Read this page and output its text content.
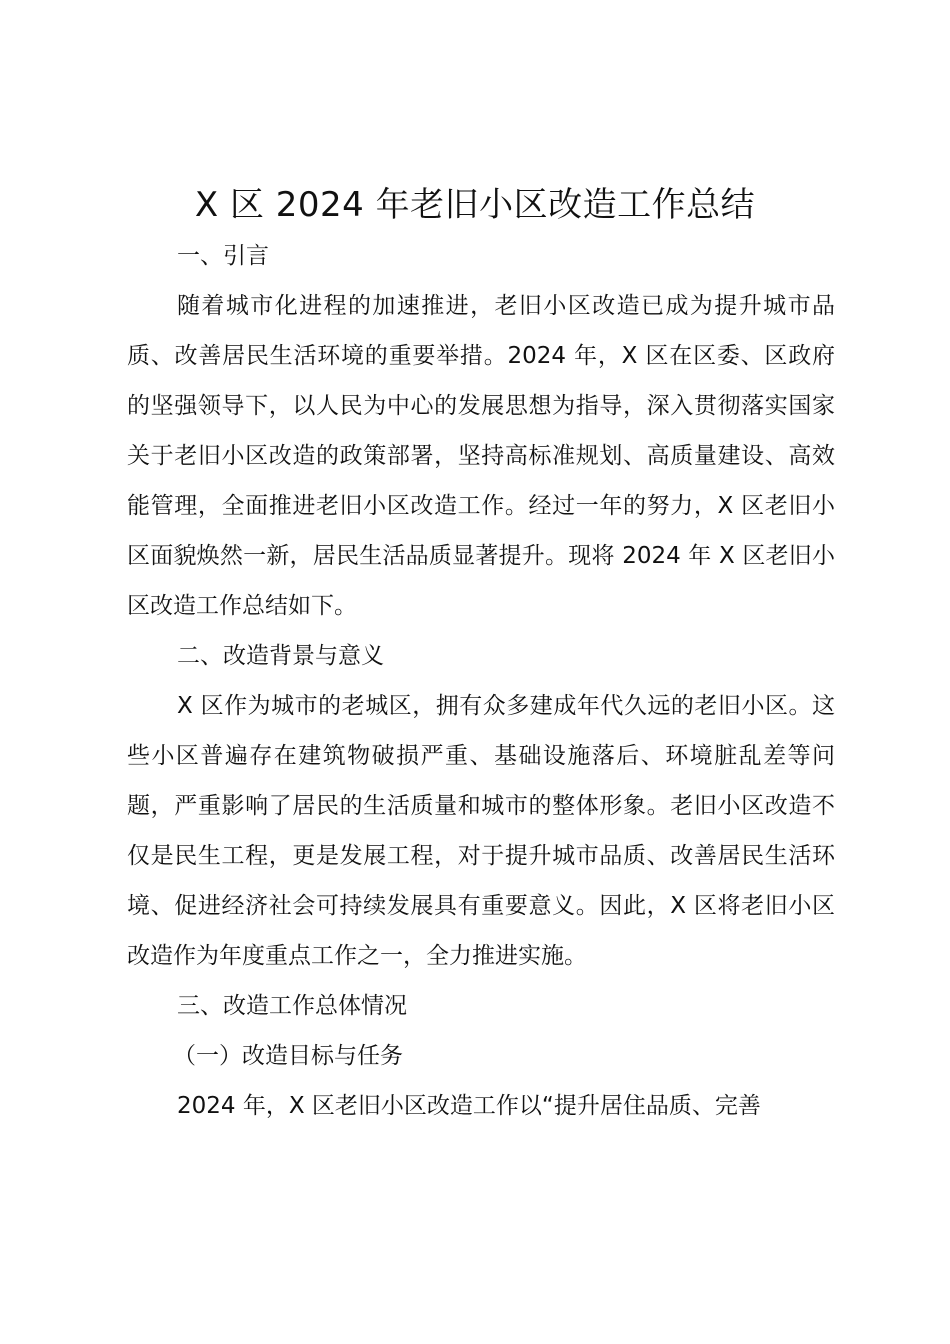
X 区 2024 年老旧小区改造工作总结
一、引言

随着城市化进程的加速推进，老旧小区改造已成为提升城市品质、改善居民生活环境的重要举措。2024 年，X 区在区委、区政府的坚强领导下，以人民为中心的发展思想为指导，深入贯彻落实国家关于老旧小区改造的政策部署，坚持高标准规划、高质量建设、高效能管理，全面推进老旧小区改造工作。经过一年的努力，X 区老旧小区面貌焕然一新，居民生活品质显著提升。现将 2024 年 X 区老旧小区改造工作总结如下。

二、改造背景与意义

X 区作为城市的老城区，拥有众多建成年代久远的老旧小区。这些小区普遍存在建筑物破损严重、基础设施落后、环境脏乱差等问题，严重影响了居民的生活质量和城市的整体形象。老旧小区改造不仅是民生工程，更是发展工程，对于提升城市品质、改善居民生活环境、促进经济社会可持续发展具有重要意义。因此，X 区将老旧小区改造作为年度重点工作之一，全力推进实施。

三、改造工作总体情况
（一）改造目标与任务

2024 年，X 区老旧小区改造工作以“提升居住品质、完善
